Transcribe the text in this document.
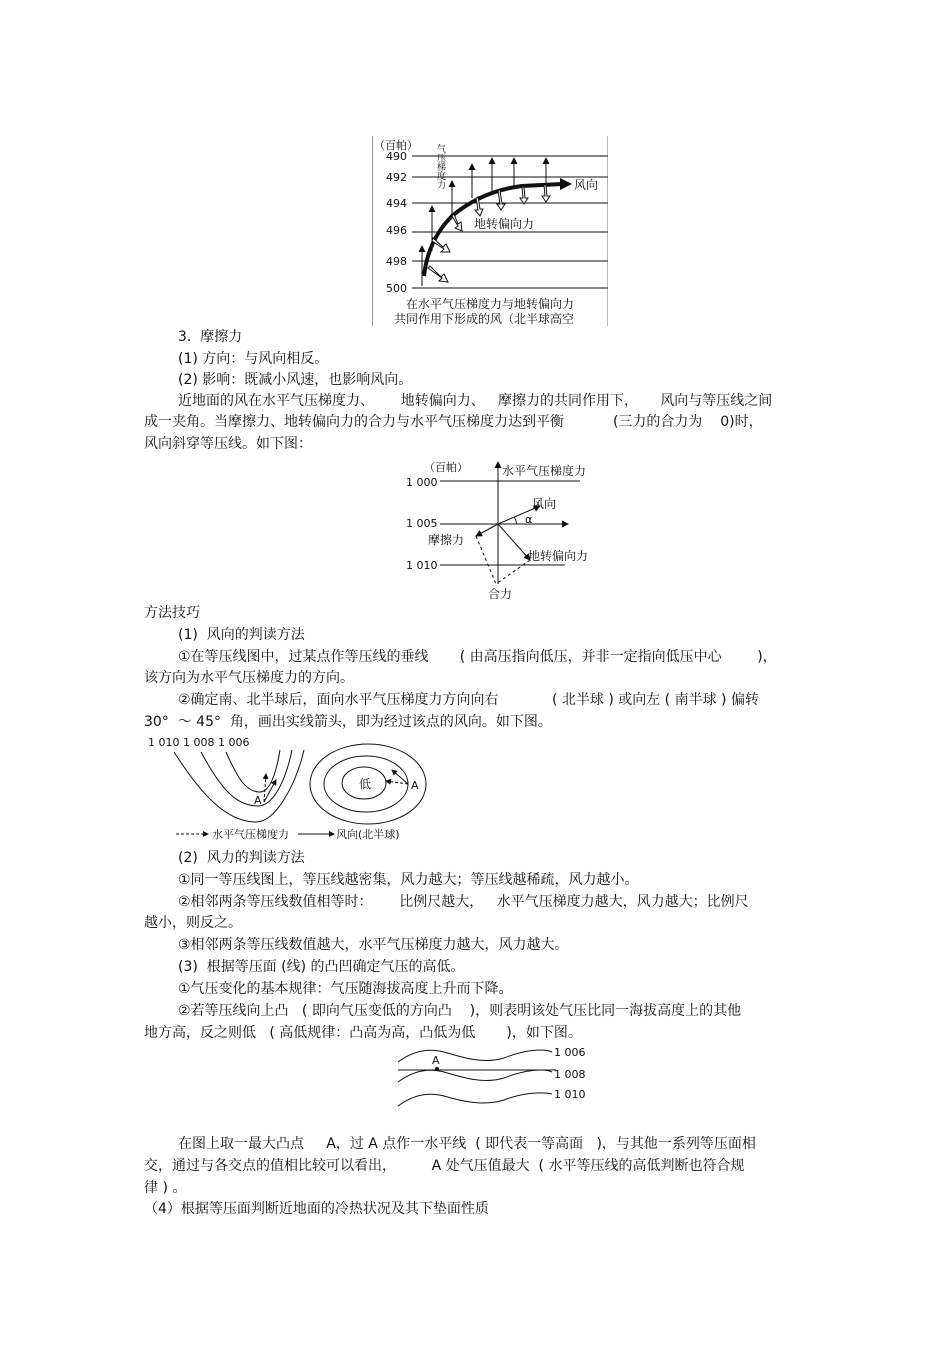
（百帕）
490
492
494
496
498
500
气压梯度力	风向
地转偏向力
在水平气压梯度力与地转偏向力
共同作用下形成的风（北半球高空
3.  摩擦力
(1) 方向：与风向相反。
(2) 影响：既减小风速，也影响风向。
近地面的风在水平气压梯度力、      地转偏向力、   摩擦力的共同作用下，     风向与等压线之间
成一夹角。当摩擦力、地转偏向力的合力与水平气压梯度力达到平衡           (三力的合力为    0)时，
风向斜穿等压线。如下图：
（百帕）
1 000
1 005
1 010
水平气压梯度力
风向
α
摩擦力
地转偏向力
合力
方法技巧
(1)  风向的判读方法
①在等压线图中，过某点作等压线的垂线       ( 由高压指向低压，并非一定指向低压中心        )，
该方向为水平气压梯度力的方向。
②确定南、北半球后，面向水平气压梯度力方向向右            ( 北半球 ) 或向左 ( 南半球 ) 偏转
30°  ～ 45°  角，画出实线箭头，即为经过该点的风向。如下图。
1 010 1 008 1 006
A
低	A
水平气压梯度力	风向(北半球)
(2)  风力的判读方法
①同一等压线图上，等压线越密集，风力越大；等压线越稀疏，风力越小。
②相邻两条等压线数值相等时：      比例尺越大，   水平气压梯度力越大，风力越大；比例尺
越小，则反之。
③相邻两条等压线数值越大，水平气压梯度力越大，风力越大。
(3)  根据等压面 (线) 的凸凹确定气压的高低。
①气压变化的基本规律：气压随海拔高度上升而下降。
②若等压线向上凸   ( 即向气压变低的方向凸    )，则表明该处气压比同一海拔高度上的其他
地方高，反之则低   ( 高低规律：凸高为高，凸低为低       )，如下图。
A
1 006
1 008
1 010
在图上取一最大凸点     A，过 A 点作一水平线  ( 即代表一等高面   )，与其他一系列等压面相
交，通过与各交点的值相比较可以看出，        A 处气压值最大  ( 水平等压线的高低判断也符合规
律 ) 。
（4）根据等压面判断近地面的冷热状况及其下垫面性质
